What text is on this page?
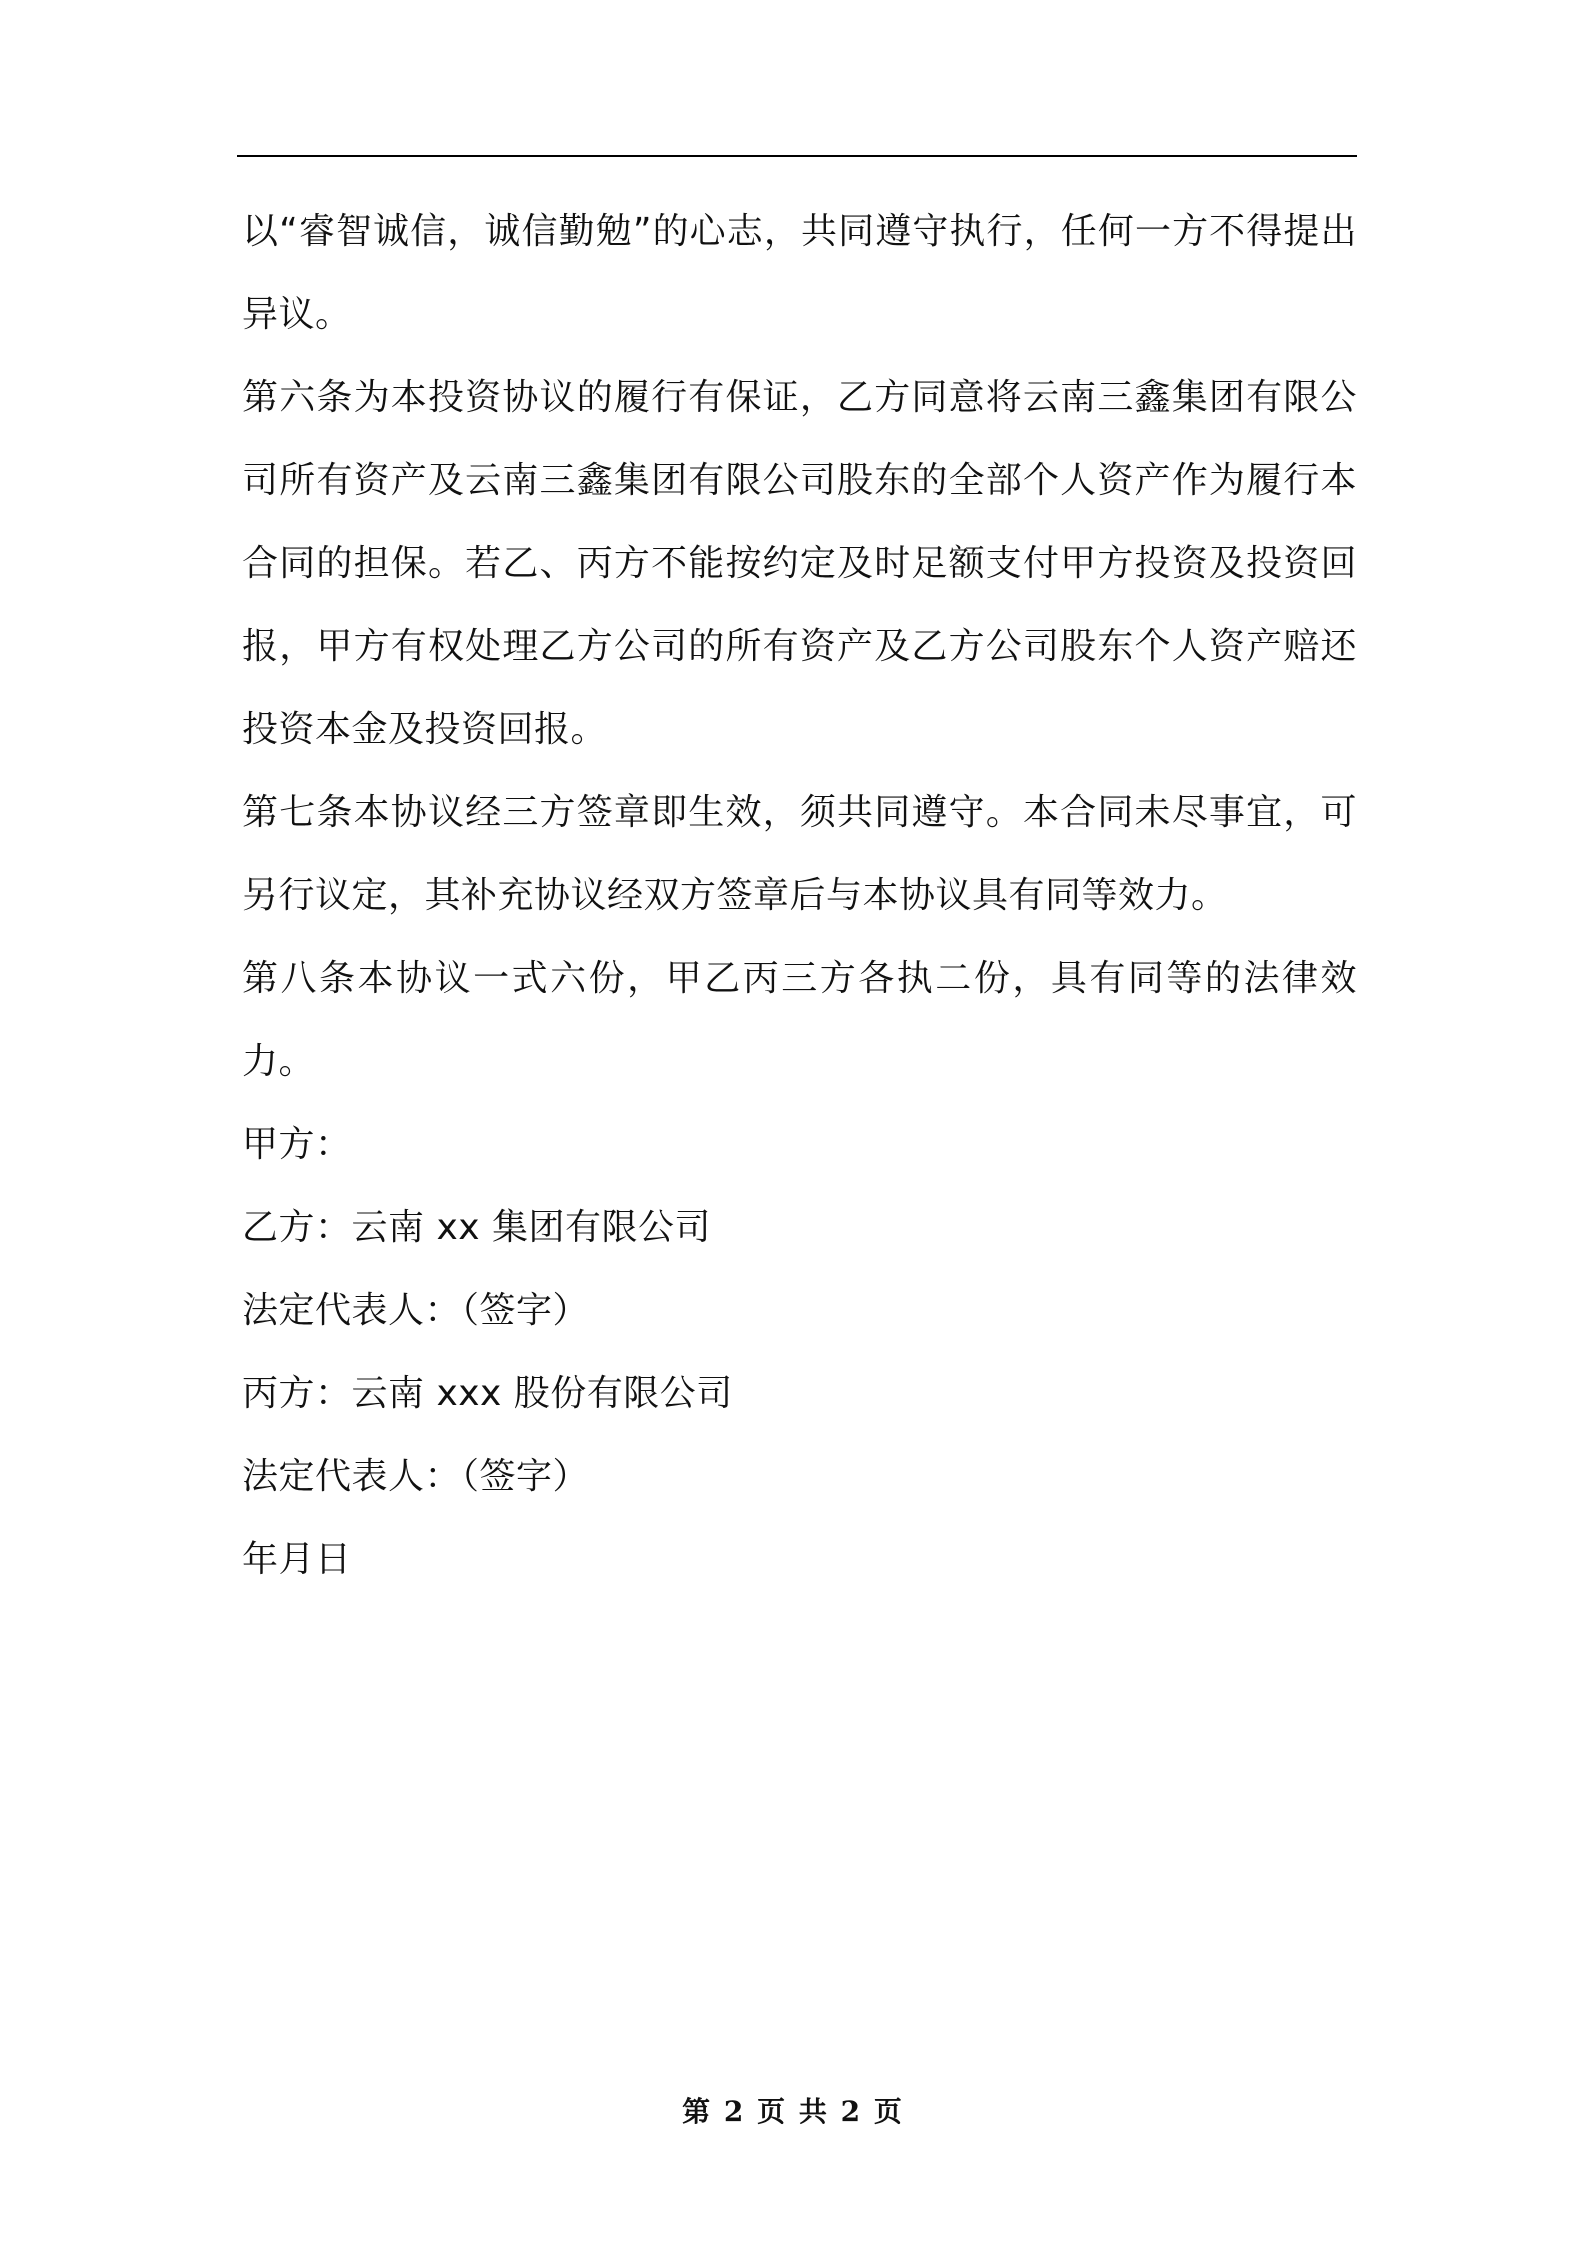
以“睿智诚信，诚信勤勉”的心志，共同遵守执行，任何一方不得提出异议。

第六条为本投资协议的履行有保证，乙方同意将云南三鑫集团有限公司所有资产及云南三鑫集团有限公司股东的全部个人资产作为履行本合同的担保。若乙、丙方不能按约定及时足额支付甲方投资及投资回报，甲方有权处理乙方公司的所有资产及乙方公司股东个人资产赔还投资本金及投资回报。

第七条本协议经三方签章即生效，须共同遵守。本合同未尽事宜，可另行议定，其补充协议经双方签章后与本协议具有同等效力。

第八条本协议一式六份，甲乙丙三方各执二份，具有同等的法律效力。

甲方：

乙方：云南 xx 集团有限公司

法定代表人：（签字）

丙方：云南 xxx 股份有限公司

法定代表人：（签字）

年月日

第 2 页 共 2 页
